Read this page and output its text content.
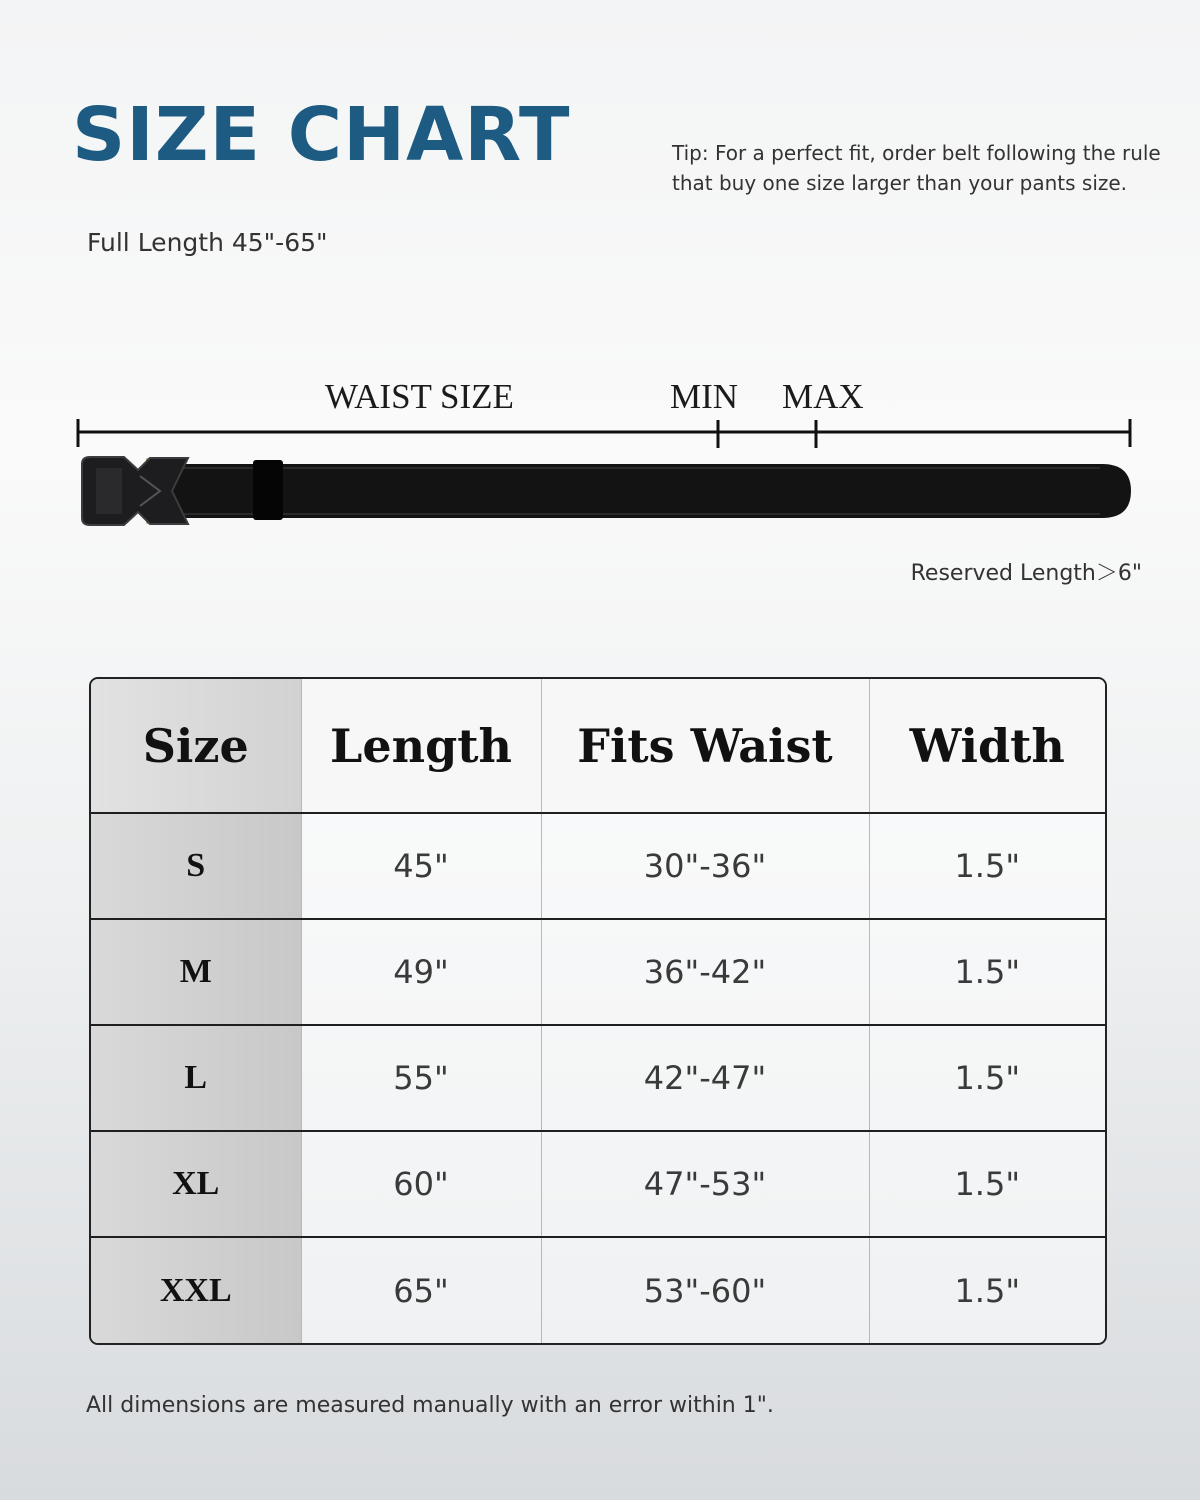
SIZE CHART	Tip: For a perfect fit, order belt following the rule that buy one size larger than your pants size.
Full Length 45"-65"
WAIST SIZE	MIN MAX
Reserved Length＞6"
Size	Length	Fits Waist	Width
S	45"	30"-36"	1.5"
M	49"	36"-42"	1.5"
L	55"	42"-47"	1.5"
XL	60"	47"-53"	1.5"
XXL	65"	53"-60"	1.5"
All dimensions are measured manually with an error within 1".
